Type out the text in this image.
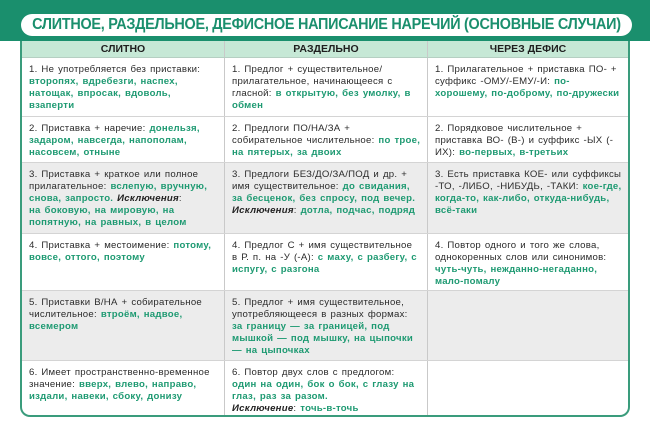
СЛИТНОЕ, РАЗДЕЛЬНОЕ, ДЕФИСНОЕ НАПИСАНИЕ НАРЕЧИЙ (ОСНОВНЫЕ СЛУЧАИ)
СЛИТНО	РАЗДЕЛЬНО	ЧЕРЕЗ ДЕФИС
1. Не употребляется без приставки: второпях, вдребезги, наспех, натощак, впросак, вдоволь, взаперти
1. Предлог + существительное/ прилагательное, начинающееся с гласной: в открытую, без умолку, в обмен
1. Прилагательное + приставка ПО- + суффикс -ОМУ/-ЕМУ/-И: по-хорошему, по-доброму, по-дружески
2. Приставка + наречие: донельзя, задаром, навсегда, напополам, насовсем, отныне
2. Предлоги ПО/НА/ЗА + собирательное числительное: по трое, на пятерых, за двоих
2. Порядковое числительное + приставка ВО- (В-) и суффикс -ЫХ (-ИХ): во-первых, в-третьих
3. Приставка + краткое или полное прилагательное: вслепую, вручную, снова, запросто. Исключения:
на боковую, на мировую, на попятную, на равных, в целом
3. Предлоги БЕЗ/ДО/ЗА/ПОД и др. + имя существительное: до свидания, за бесценок, без спросу, под вечер.
Исключения: дотла, подчас, подряд
3. Есть приставка КОЕ- или суффиксы -ТО, -ЛИБО, -НИБУДЬ, -ТАКИ: кое-где, когда-то, как-либо, откуда-нибудь, всё-таки
4. Приставка + местоимение: потому, вовсе, оттого, поэтому
4. Предлог С + имя существительное в Р. п. на -У (-А): с маху, с разбегу, с испугу, с разгона
4. Повтор одного и того же слова, однокоренных слов или синонимов: чуть-чуть, нежданно-негаданно, мало-помалу
5. Приставки В/НА + собирательное числительное: втроём, надвое, всемером
5. Предлог + имя существительное, употребляющееся в разных формах: за границу — за границей, под мышкой — под мышку, на цыпочки — на цыпочках
6. Имеет пространственно-временное значение: вверх, влево, направо, издали, навеки, сбоку, донизу
6. Повтор двух слов с предлогом: один на один, бок о бок, с глазу на глаз, раз за разом.
Исключение: точь-в-точь
